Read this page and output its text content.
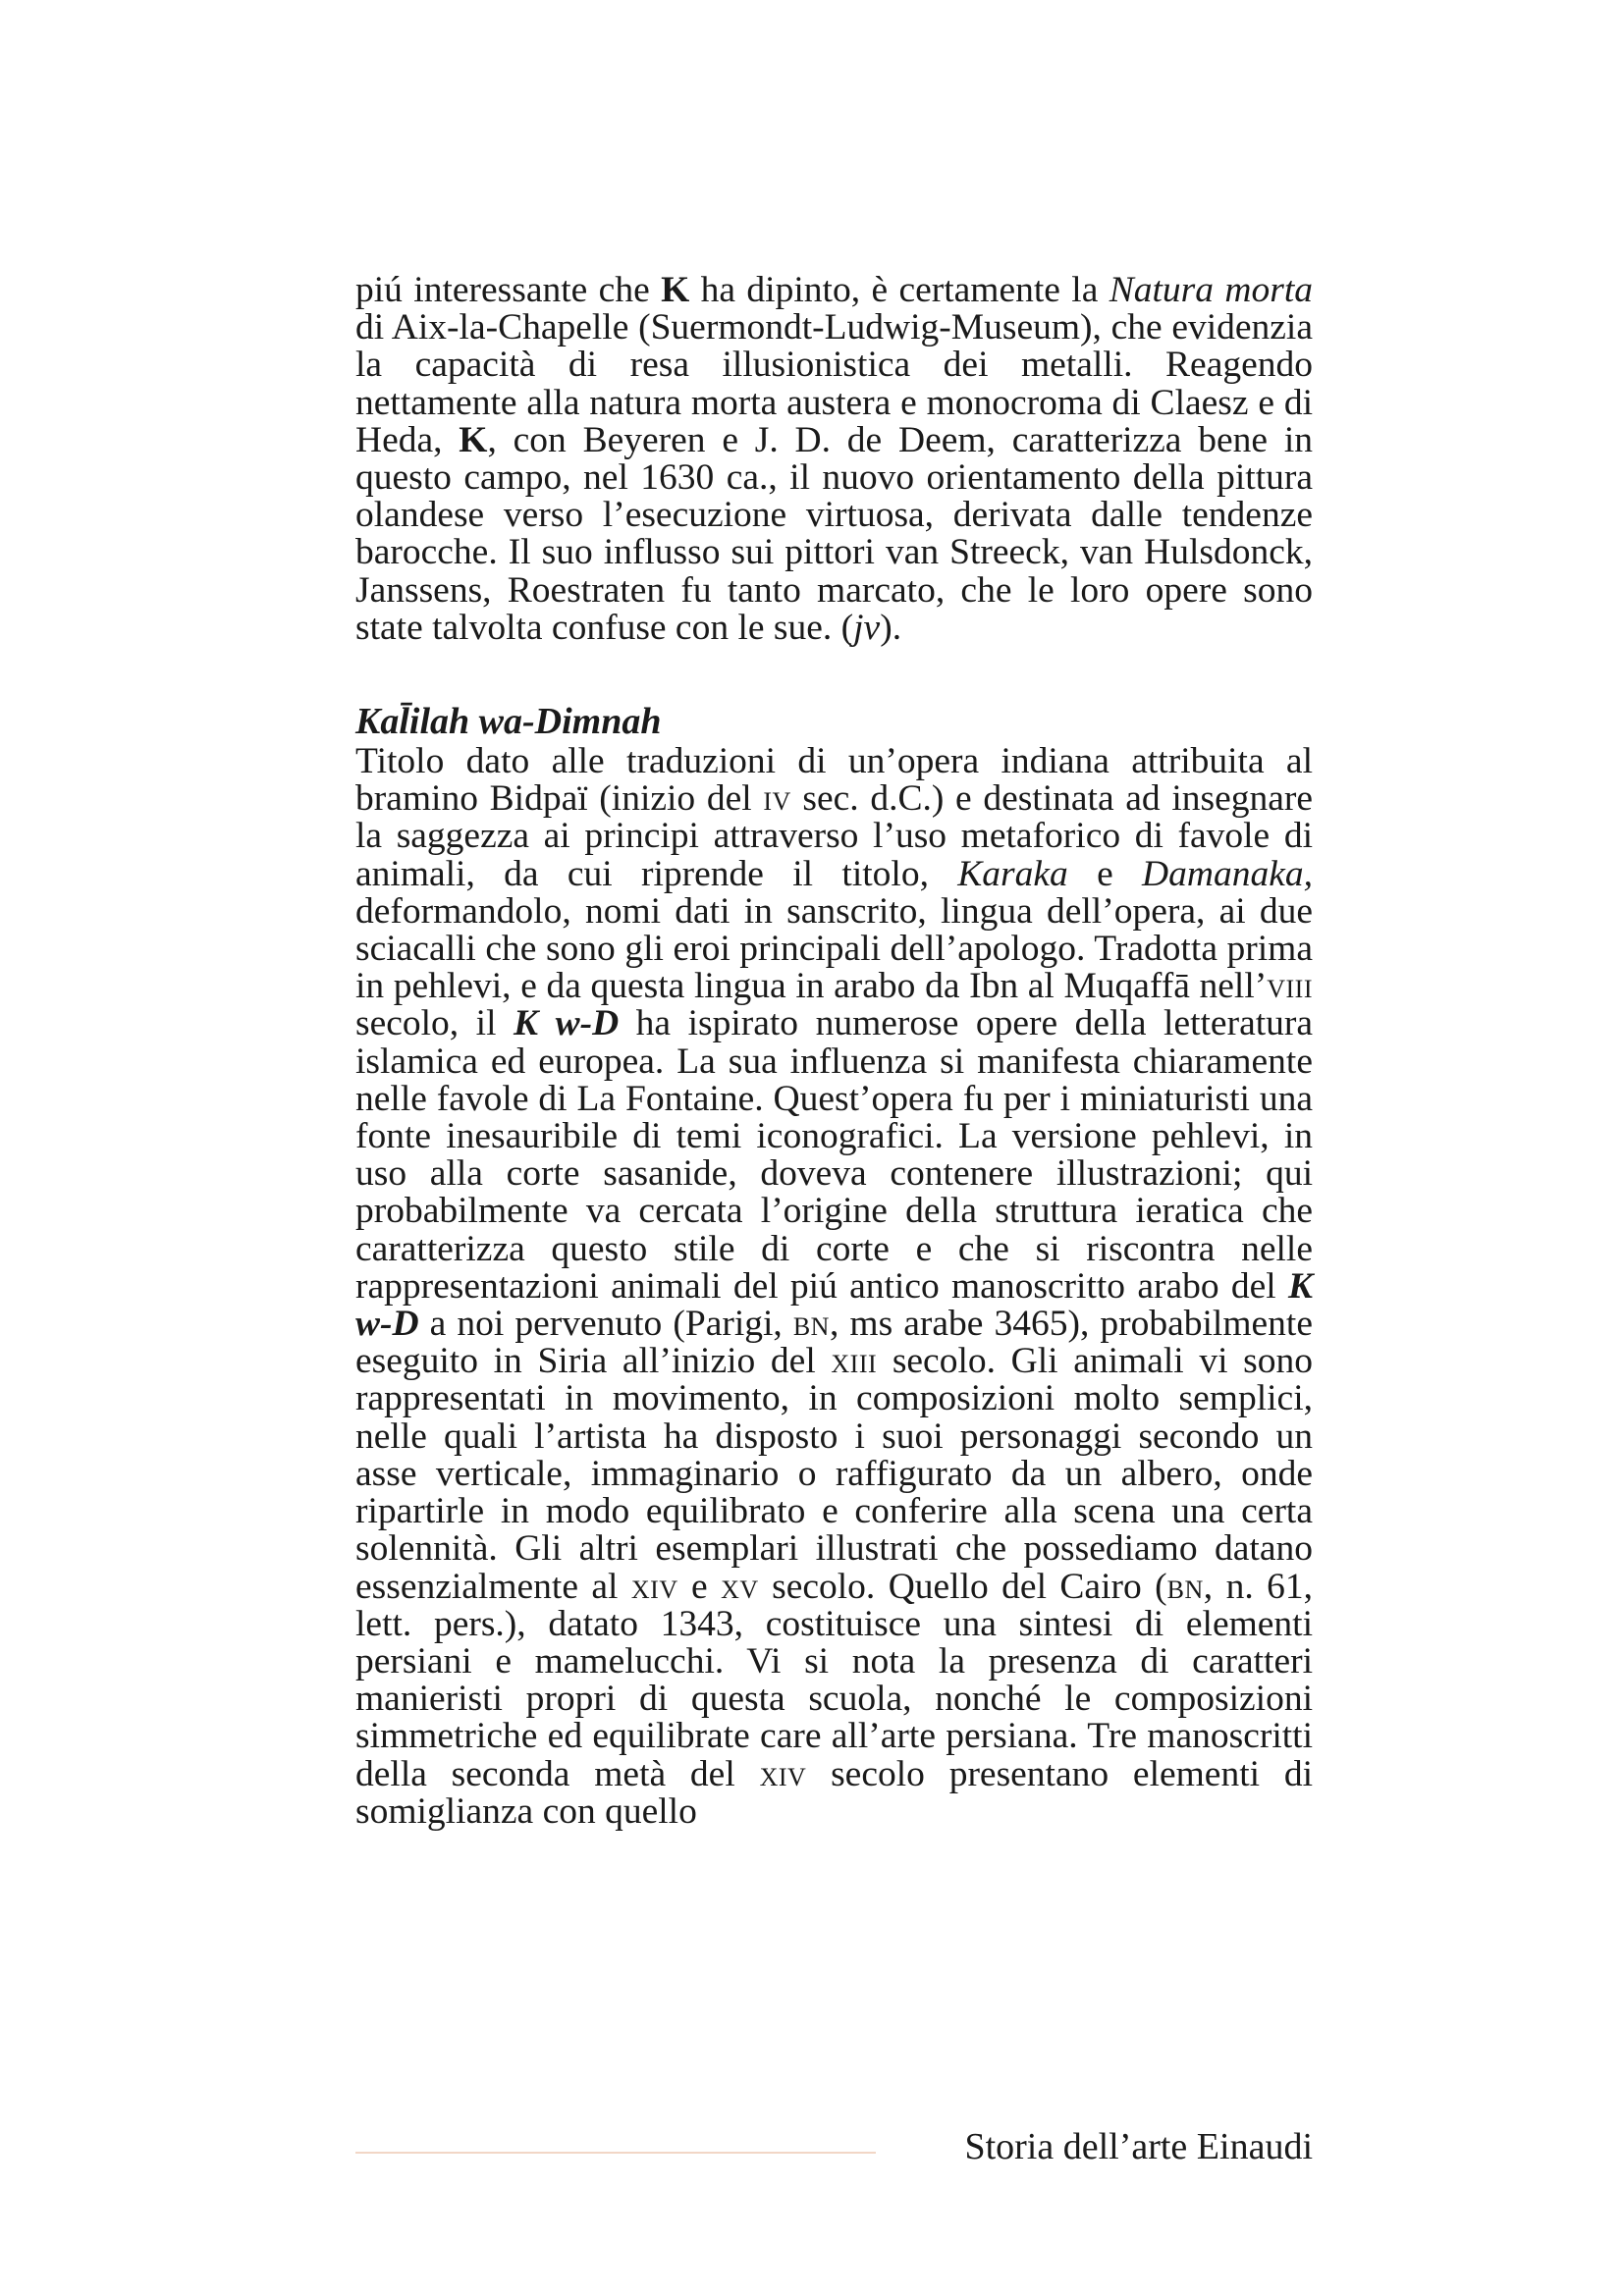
piú interessante che K ha dipinto, è certamente la Natura morta di Aix-la-Chapelle (Suermondt-Ludwig-Museum), che evidenzia la capacità di resa illusionistica dei metalli. Reagendo nettamente alla natura morta austera e monocroma di Claesz e di Heda, K, con Beyeren e J. D. de Deem, caratterizza bene in questo campo, nel 1630 ca., il nuovo orientamento della pittura olandese verso l’esecuzione virtuosa, derivata dalle tendenze barocche. Il suo influsso sui pittori van Streeck, van Hulsdonck, Janssens, Roestraten fu tanto marcato, che le loro opere sono state talvolta confuse con le sue. (jv).

Kal̄ilah wa-Dimnah

Titolo dato alle traduzioni di un’opera indiana attribuita al bramino Bidpaï (inizio del iv sec. d.C.) e destinata ad insegnare la saggezza ai principi attraverso l’uso metaforico di favole di animali, da cui riprende il titolo, Karaka e Damanaka, deformandolo, nomi dati in sanscrito, lingua dell’opera, ai due sciacalli che sono gli eroi principali dell’apologo. Tradotta prima in pehlevi, e da questa lingua in arabo da Ibn al Muqaffā nell’viii secolo, il K w-D ha ispirato numerose opere della letteratura islamica ed europea. La sua influenza si manifesta chiaramente nelle favole di La Fontaine. Quest’opera fu per i miniaturisti una fonte inesauribile di temi iconografici. La versione pehlevi, in uso alla corte sasanide, doveva contenere illustrazioni; qui probabilmente va cercata l’origine della struttura ieratica che caratterizza questo stile di corte e che si riscontra nelle rappresentazioni animali del piú antico manoscritto arabo del K w-D a noi pervenuto (Parigi, bn, ms arabe 3465), probabilmente eseguito in Siria all’inizio del xiii secolo. Gli animali vi sono rappresentati in movimento, in composizioni molto semplici, nelle quali l’artista ha disposto i suoi personaggi secondo un asse verticale, immaginario o raffigurato da un albero, onde ripartirle in modo equilibrato e conferire alla scena una certa solennità. Gli altri esemplari illustrati che possediamo datano essenzialmente al xiv e xv secolo. Quello del Cairo (bn, n. 61, lett. pers.), datato 1343, costituisce una sintesi di elementi persiani e mamelucchi. Vi si nota la presenza di caratteri manieristi propri di questa scuola, nonché le composizioni simmetriche ed equilibrate care all’arte persiana. Tre manoscritti della seconda metà del xiv secolo presentano elementi di somiglianza con quello

Storia dell’arte Einaudi
